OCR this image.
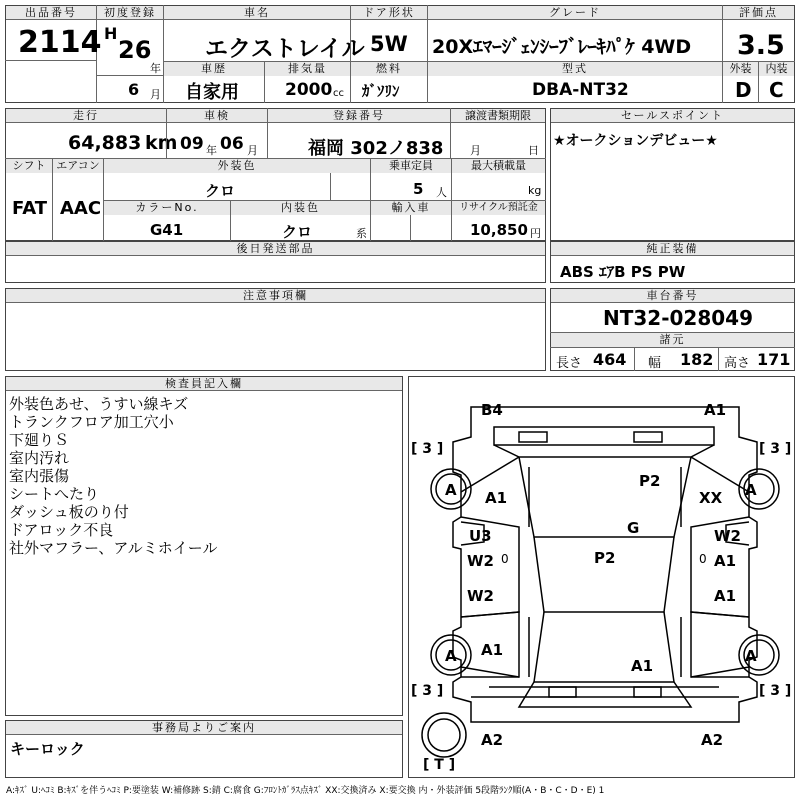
出品番号
2114
初度登録
H
26
年
6 月
車名
エクストレイル
ドア形状
5W
グレード
20Xｴﾏｰｼﾞｪﾝｼｰﾌﾞﾚｰｷﾊﾟｹ 4WD
評価点
3.5
車歴
自家用
排気量
2000 cc
燃料
ｶﾞｿﾘﾝ
型式
DBA-NT32
外装	内装
D C
走行
64,883 km
車検
09 年 06 月
登録番号
福岡 302ノ838
譲渡書類期限
月	日
シフト エアコン
FAT AAC
外装色
クロ
乗車定員
5 人
最大積載量
kg
カラーNo.
G41
内装色
クロ	系
輸入車	リサイクル預託金
10,850 円
セールスポイント
★オークションデビュー★
後日発送部品	純正装備
ABS ｴｱB PS PW
注意事項欄	車台番号
NT32-028049
諸元
長さ 464 幅 182 高さ 171
検査員記入欄
外装色あせ、うすい線キズ
トランクフロア加工穴小
下廻りＳ
室内汚れ
室内張傷
シートへたり
ダッシュ板のり付
ドアロック不良
社外マフラー、アルミホイール
事務局よりご案内
キーロック
B4	A1
[ 3 ]	[ 3 ]
A	A
A1
P2
XX
U3	G	W2
W2 0	P2	0 A1
W2	A1
A A1	A
A1
[ 3 ]	[ 3 ]
A2	A2
[ T ]
A:ｷｽﾞ U:ﾍｺﾐ B:ｷｽﾞを伴うﾍｺﾐ P:要塗装 W:補修跡 S:錆 C:腐食 G:ﾌﾛﾝﾄｶﾞﾗｽ点ｷｽﾞ XX:交換済み X:要交換 内・外装評価 5段階ﾗﾝｸ順(A・B・C・D・E) 1
